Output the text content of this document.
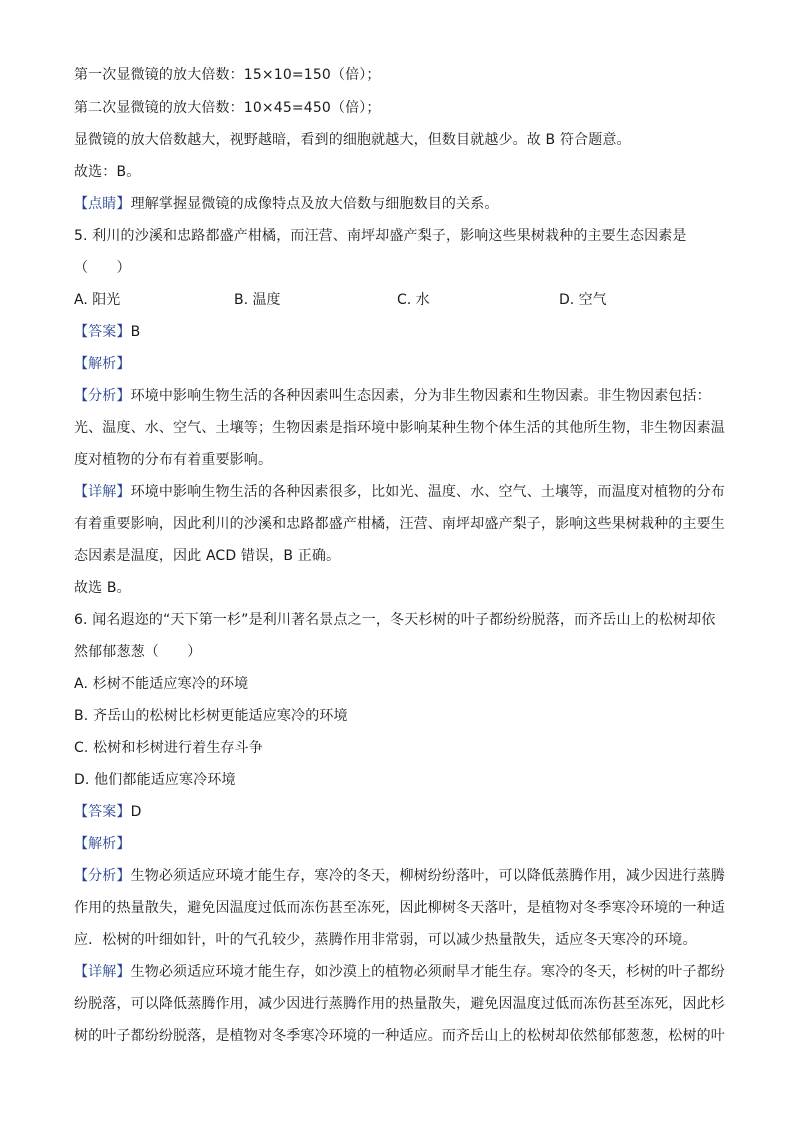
第一次显微镜的放大倍数：15×10=150（倍）；
第二次显微镜的放大倍数：10×45=450（倍）；
显微镜的放大倍数越大，视野越暗，看到的细胞就越大，但数目就越少。故 B 符合题意。
故选：B。
【点睛】理解掌握显微镜的成像特点及放大倍数与细胞数目的关系。
5. 利川的沙溪和忠路都盛产柑橘，而汪营、南坪却盛产梨子，影响这些果树栽种的主要生态因素是
（　　）
A. 阳光	B. 温度	C. 水	D. 空气
【答案】B
【解析】
【分析】环境中影响生物生活的各种因素叫生态因素，分为非生物因素和生物因素。非生物因素包括：
光、温度、水、空气、土壤等；生物因素是指环境中影响某种生物个体生活的其他所生物，非生物因素温
度对植物的分布有着重要影响。
【详解】环境中影响生物生活的各种因素很多，比如光、温度、水、空气、土壤等，而温度对植物的分布
有着重要影响，因此利川的沙溪和忠路都盛产柑橘，汪营、南坪却盛产梨子，影响这些果树栽种的主要生
态因素是温度，因此 ACD 错误，B 正确。
故选 B。
6. 闻名遐迩的“天下第一杉”是利川著名景点之一，冬天杉树的叶子都纷纷脱落，而齐岳山上的松树却依
然郁郁葱葱（　　）
A. 杉树不能适应寒冷的环境
B. 齐岳山的松树比杉树更能适应寒冷的环境
C. 松树和杉树进行着生存斗争
D. 他们都能适应寒冷环境
【答案】D
【解析】
【分析】生物必须适应环境才能生存，寒冷的冬天，柳树纷纷落叶，可以降低蒸腾作用，减少因进行蒸腾
作用的热量散失，避免因温度过低而冻伤甚至冻死，因此柳树冬天落叶，是植物对冬季寒冷环境的一种适
应．松树的叶细如针，叶的气孔较少，蒸腾作用非常弱，可以减少热量散失，适应冬天寒冷的环境。
【详解】生物必须适应环境才能生存，如沙漠上的植物必须耐旱才能生存。寒冷的冬天，杉树的叶子都纷
纷脱落，可以降低蒸腾作用，减少因进行蒸腾作用的热量散失，避免因温度过低而冻伤甚至冻死，因此杉
树的叶子都纷纷脱落，是植物对冬季寒冷环境的一种适应。而齐岳山上的松树却依然郁郁葱葱，松树的叶
